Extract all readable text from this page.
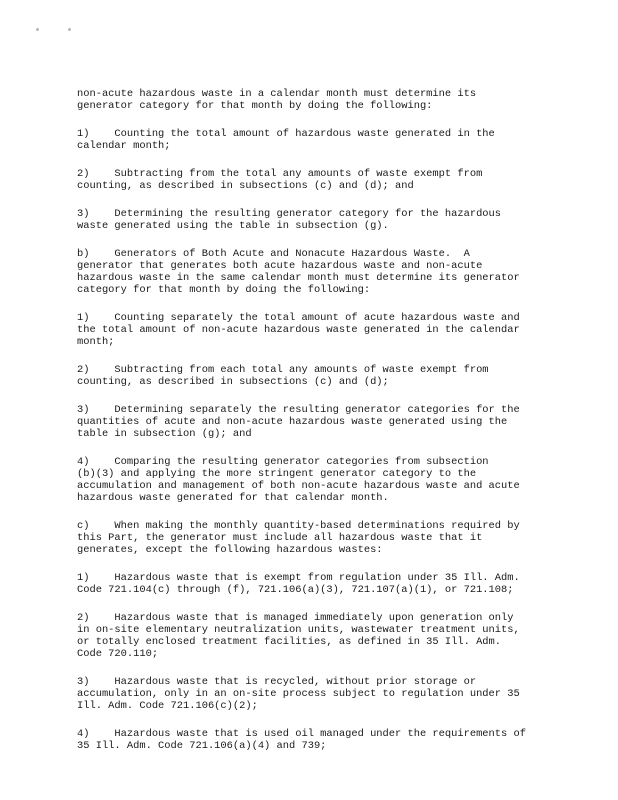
non-acute hazardous waste in a calendar month must determine its
generator category for that month by doing the following:

1)    Counting the total amount of hazardous waste generated in the
calendar month;

2)    Subtracting from the total any amounts of waste exempt from
counting, as described in subsections (c) and (d); and

3)    Determining the resulting generator category for the hazardous
waste generated using the table in subsection (g).

b)    Generators of Both Acute and Nonacute Hazardous Waste.  A
generator that generates both acute hazardous waste and non-acute
hazardous waste in the same calendar month must determine its generator
category for that month by doing the following:

1)    Counting separately the total amount of acute hazardous waste and
the total amount of non-acute hazardous waste generated in the calendar
month;

2)    Subtracting from each total any amounts of waste exempt from
counting, as described in subsections (c) and (d);

3)    Determining separately the resulting generator categories for the
quantities of acute and non-acute hazardous waste generated using the
table in subsection (g); and

4)    Comparing the resulting generator categories from subsection
(b)(3) and applying the more stringent generator category to the
accumulation and management of both non-acute hazardous waste and acute
hazardous waste generated for that calendar month.

c)    When making the monthly quantity-based determinations required by
this Part, the generator must include all hazardous waste that it
generates, except the following hazardous wastes:

1)    Hazardous waste that is exempt from regulation under 35 Ill. Adm.
Code 721.104(c) through (f), 721.106(a)(3), 721.107(a)(1), or 721.108;

2)    Hazardous waste that is managed immediately upon generation only
in on-site elementary neutralization units, wastewater treatment units,
or totally enclosed treatment facilities, as defined in 35 Ill. Adm.
Code 720.110;

3)    Hazardous waste that is recycled, without prior storage or
accumulation, only in an on-site process subject to regulation under 35
Ill. Adm. Code 721.106(c)(2);

4)    Hazardous waste that is used oil managed under the requirements of
35 Ill. Adm. Code 721.106(a)(4) and 739;
